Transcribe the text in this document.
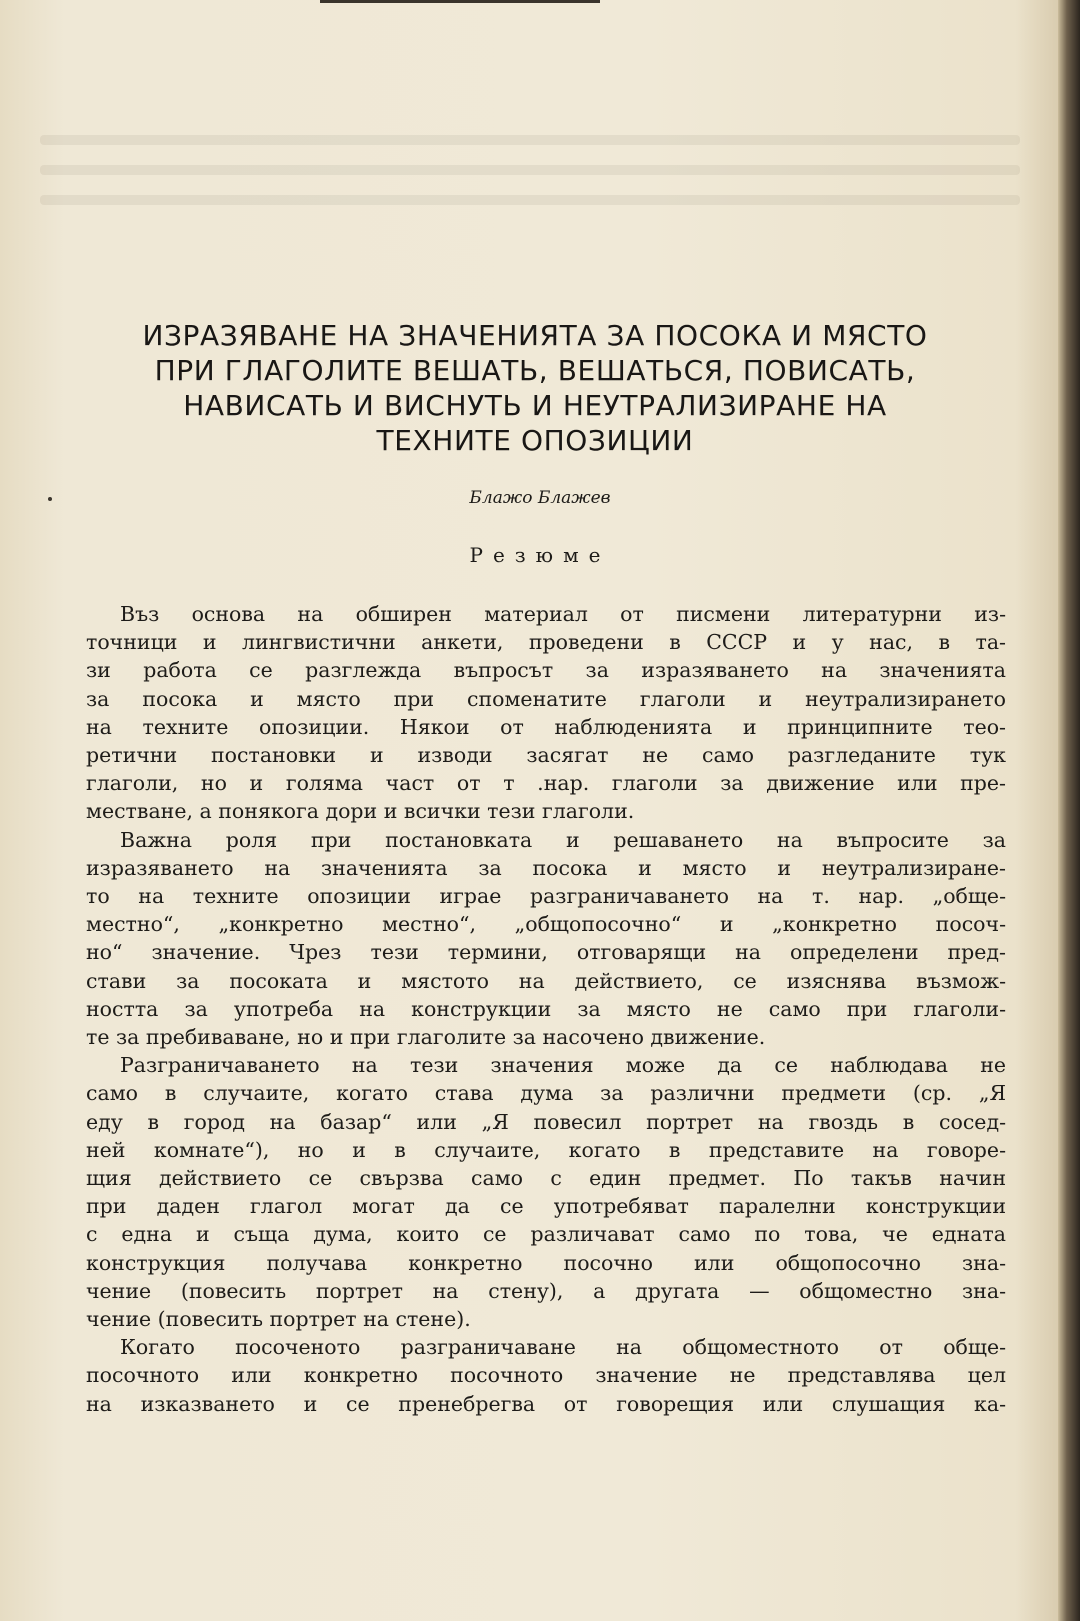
ИЗРАЗЯВАНЕ НА ЗНАЧЕНИЯТА ЗА ПОСОКА И МЯСТО
ПРИ ГЛАГОЛИТЕ ВЕШАТЬ, ВЕШАТЬСЯ, ПОВИСАТЬ,
НАВИСАТЬ И ВИСНУТЬ И НЕУТРАЛИЗИРАНЕ НА
ТЕХНИТЕ ОПОЗИЦИИ
Блажо Блажев
Резюме
Въз основа на обширен материал от писмени литературни из-
точници и лингвистични анкети, проведени в СССР и у нас, в та-
зи работа се разглежда въпросът за изразяването на значенията
за посока и място при споменатите глаголи и неутрализирането
на техните опозиции. Някои от наблюденията и принципните тео-
ретични постановки и изводи засягат не само разгледаните тук
глаголи, но и голяма част от т .нар. глаголи за движение или пре-
местване, а понякога дори и всички тези глаголи.
Важна роля при постановката и решаването на въпросите за
изразяването на значенията за посока и място и неутрализиране-
то на техните опозиции играе разграничаването на т. нар. „обще-
местно“, „конкретно местно“, „общопосочно“ и „конкретно посоч-
но“ значение. Чрез тези термини, отговарящи на определени пред-
стави за посоката и мястото на действието, се изяснява възмож-
ността за употреба на конструкции за място не само при глаголи-
те за пребиваване, но и при глаголите за насочено движение.
Разграничаването на тези значения може да се наблюдава не
само в случаите, когато става дума за различни предмети (ср. „Я
еду в город на базар“ или „Я повесил портрет на гвоздь в сосед-
ней комнате“), но и в случаите, когато в представите на говоре-
щия действието се свързва само с един предмет. По такъв начин
при даден глагол могат да се употребяват паралелни конструкции
с една и съща дума, които се различават само по това, че едната
конструкция получава конкретно посочно или общопосочно зна-
чение (повесить портрет на стену), а другата — общоместно зна-
чение (повесить портрет на стене).
Когато посоченото разграничаване на общоместното от обще-
посочното или конкретно посочното значение не представлява цел
на изказването и се пренебрегва от говорещия или слушащия ка-
